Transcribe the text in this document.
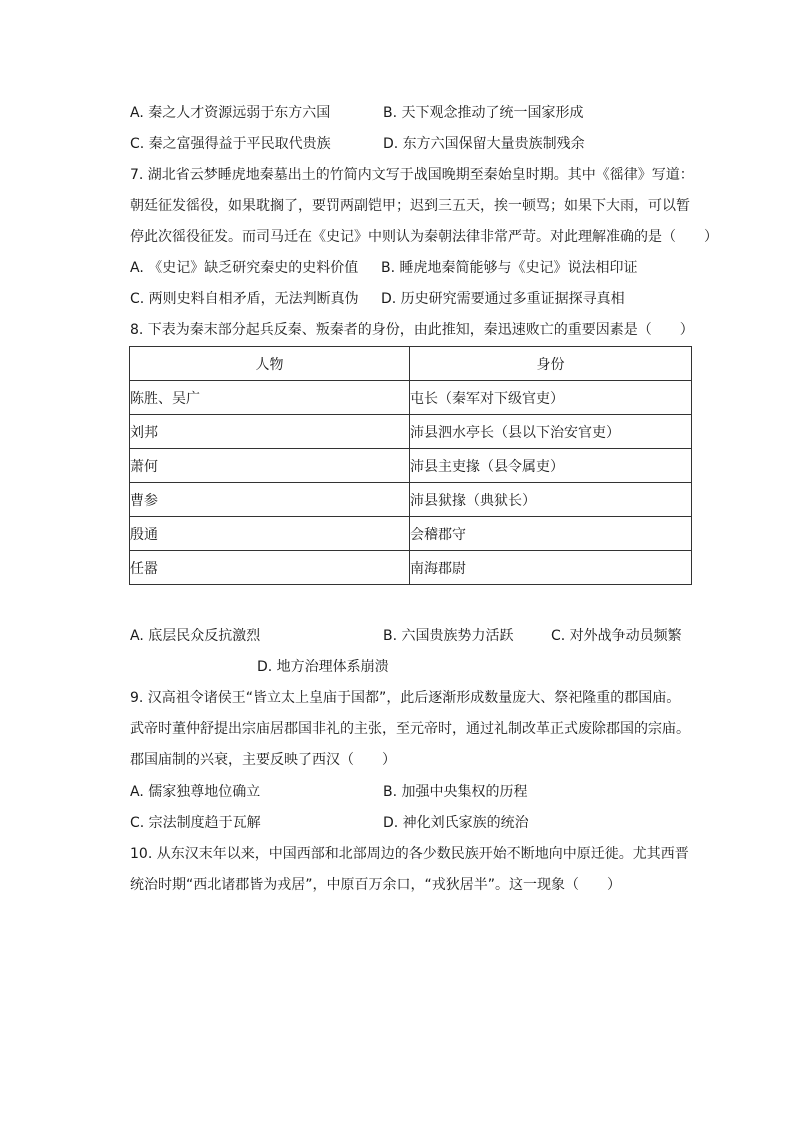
A. 秦之人才资源远弱于东方六国	B. 天下观念推动了统一国家形成
C. 秦之富强得益于平民取代贵族	D. 东方六国保留大量贵族制残余
7. 湖北省云梦睡虎地秦墓出土的竹简内文写于战国晚期至秦始皇时期。其中《徭律》写道：
朝廷征发徭役，如果耽搁了，要罚两副铠甲；迟到三五天，挨一顿骂；如果下大雨，可以暂
停此次徭役征发。而司马迁在《史记》中则认为秦朝法律非常严苛。对此理解准确的是（　　）
A. 《史记》缺乏研究秦史的史料价值 B. 睡虎地秦简能够与《史记》说法相印证
C. 两则史料自相矛盾，无法判断真伪 D. 历史研究需要通过多重证据探寻真相
8. 下表为秦末部分起兵反秦、叛秦者的身份，由此推知，秦迅速败亡的重要因素是（　　）
人物	身份
陈胜、吴广	屯长（秦军对下级官吏）
刘邦	沛县泗水亭长（县以下治安官吏）
萧何	沛县主吏掾（县令属吏）
曹参	沛县狱掾（典狱长）
殷通	会稽郡守
任嚣	南海郡尉
A. 底层民众反抗激烈	B. 六国贵族势力活跃	C. 对外战争动员频繁
D. 地方治理体系崩溃
9. 汉高祖令诸侯王“皆立太上皇庙于国都”，此后逐渐形成数量庞大、祭祀隆重的郡国庙。
武帝时董仲舒提出宗庙居郡国非礼的主张，至元帝时，通过礼制改革正式废除郡国的宗庙。
郡国庙制的兴衰，主要反映了西汉（　　）
A. 儒家独尊地位确立	B. 加强中央集权的历程
C. 宗法制度趋于瓦解	D. 神化刘氏家族的统治
10. 从东汉末年以来，中国西部和北部周边的各少数民族开始不断地向中原迁徙。尤其西晋
统治时期“西北诸郡皆为戎居”，中原百万余口，“戎狄居半”。这一现象（　　）
